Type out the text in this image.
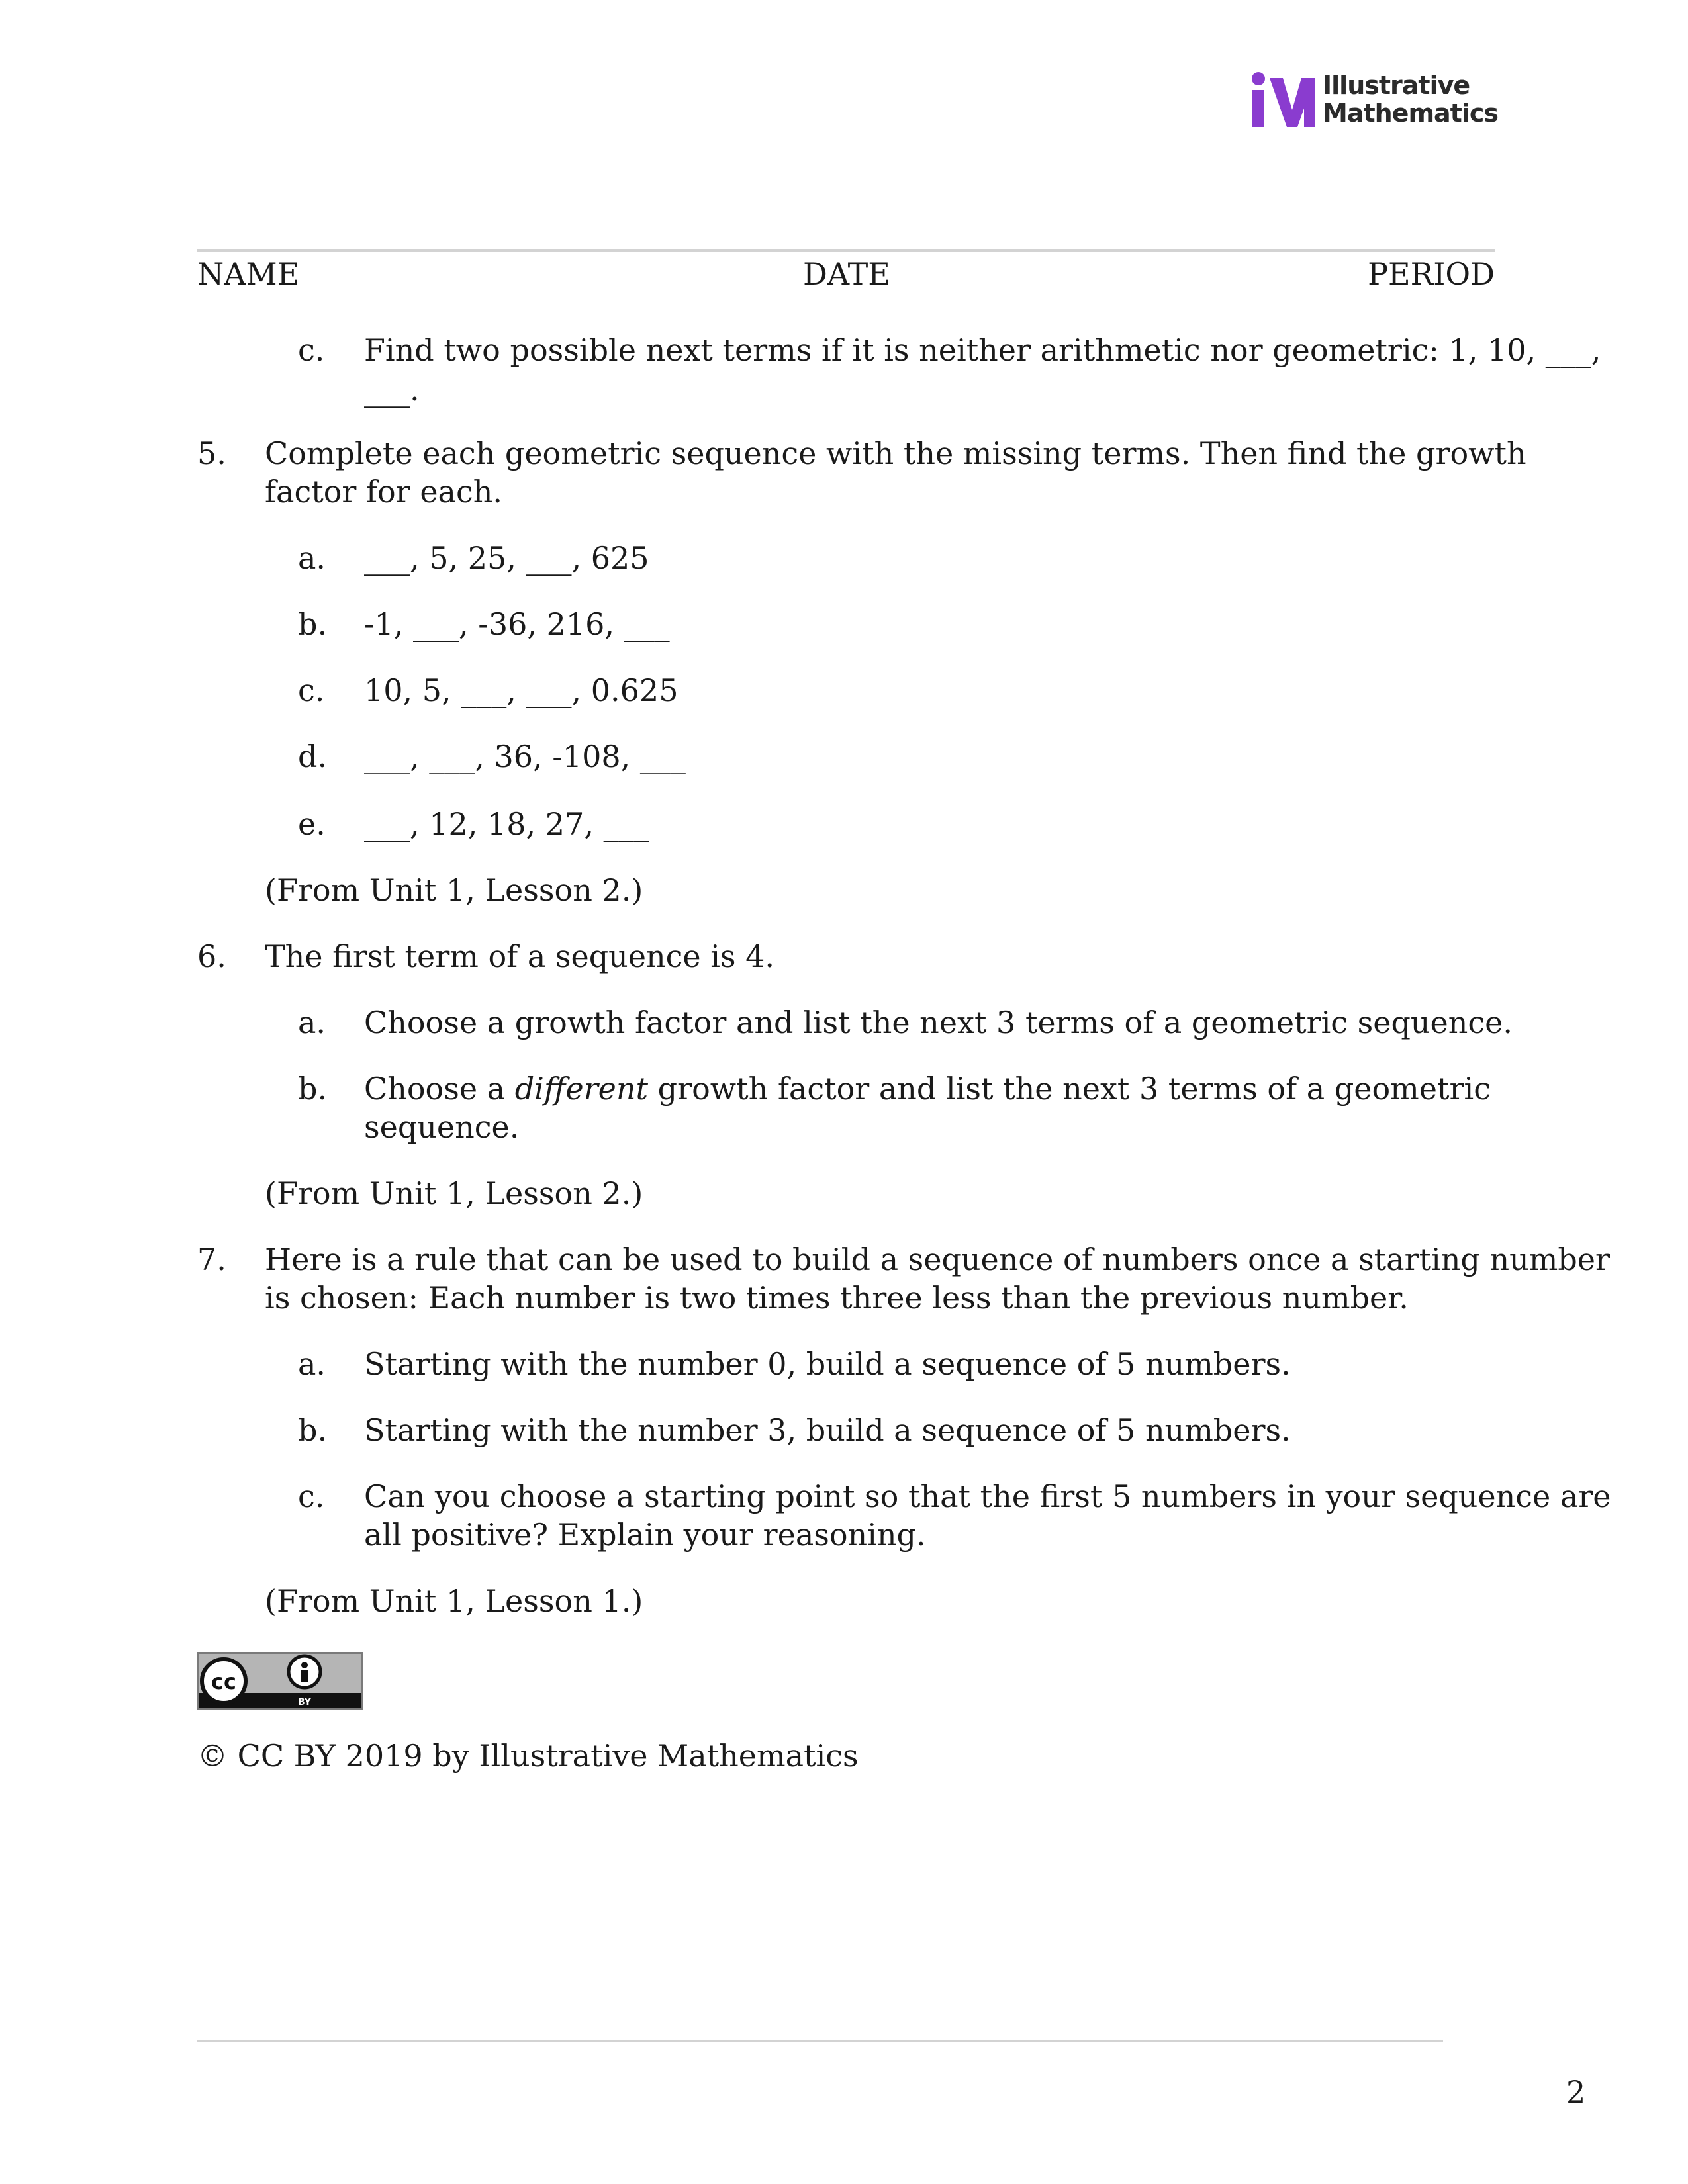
Illustrative
Mathematics
NAME	DATE	PERIOD
c. Find two possible next terms if it is neither arithmetic nor geometric: 1, 10, ___,
___.
5. Complete each geometric sequence with the missing terms. Then find the growth
factor for each.
a. ___, 5, 25, ___, 625
b. -1, ___, -36, 216, ___
c. 10, 5, ___, ___, 0.625
d. ___, ___, 36, -108, ___
e. ___, 12, 18, 27, ___
(From Unit 1, Lesson 2.)
6. The first term of a sequence is 4.
a. Choose a growth factor and list the next 3 terms of a geometric sequence.
b. Choose a different growth factor and list the next 3 terms of a geometric
sequence.
(From Unit 1, Lesson 2.)
7. Here is a rule that can be used to build a sequence of numbers once a starting number
is chosen: Each number is two times three less than the previous number.
a. Starting with the number 0, build a sequence of 5 numbers.
b. Starting with the number 3, build a sequence of 5 numbers.
c. Can you choose a starting point so that the first 5 numbers in your sequence are
all positive? Explain your reasoning.
(From Unit 1, Lesson 1.)
cc
BY
© CC BY 2019 by Illustrative Mathematics
2
